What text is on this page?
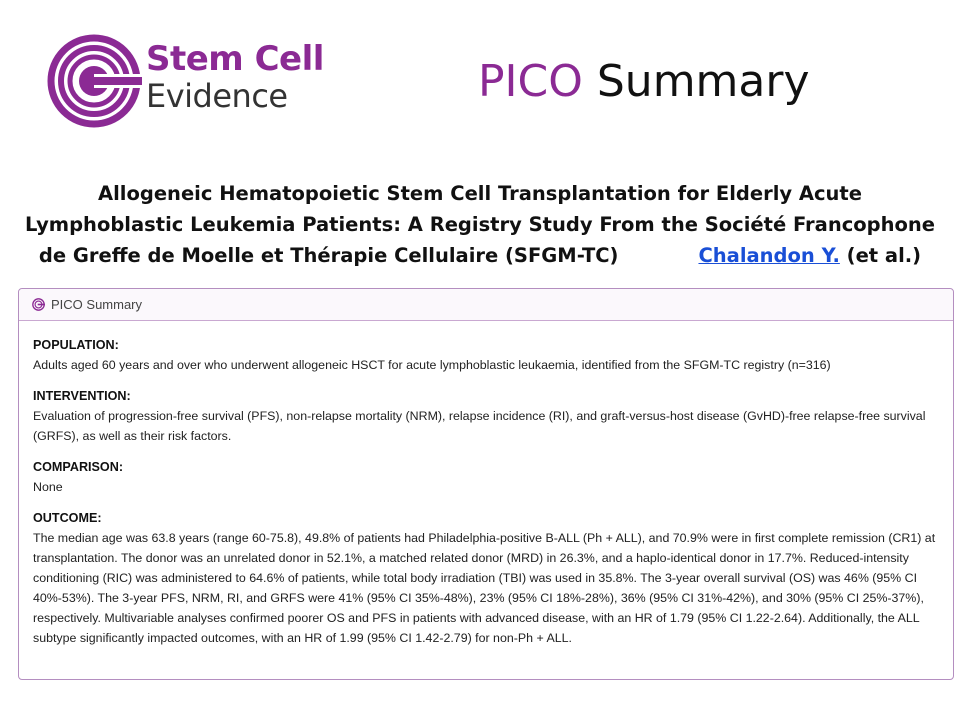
Stem Cell
Evidence	PICO Summary
Allogeneic Hematopoietic Stem Cell Transplantation for Elderly Acute Lymphoblastic Leukemia Patients: A Registry Study From the Société Francophone de Greffe de Moelle et Thérapie Cellulaire (SFGM-TC)	Chalandon Y. (et al.)
PICO Summary
POPULATION:
Adults aged 60 years and over who underwent allogeneic HSCT for acute lymphoblastic leukaemia, identified from the SFGM-TC registry (n=316)
INTERVENTION:
Evaluation of progression-free survival (PFS), non-relapse mortality (NRM), relapse incidence (RI), and graft-versus-host disease (GvHD)-free relapse-free survival (GRFS), as well as their risk factors.
COMPARISON:
None
OUTCOME:
The median age was 63.8 years (range 60-75.8), 49.8% of patients had Philadelphia-positive B-ALL (Ph + ALL), and 70.9% were in first complete remission (CR1) at transplantation. The donor was an unrelated donor in 52.1%, a matched related donor (MRD) in 26.3%, and a haplo-identical donor in 17.7%. Reduced-intensity conditioning (RIC) was administered to 64.6% of patients, while total body irradiation (TBI) was used in 35.8%. The 3-year overall survival (OS) was 46% (95% CI 40%-53%). The 3-year PFS, NRM, RI, and GRFS were 41% (95% CI 35%-48%), 23% (95% CI 18%-28%), 36% (95% CI 31%-42%), and 30% (95% CI 25%-37%), respectively. Multivariable analyses confirmed poorer OS and PFS in patients with advanced disease, with an HR of 1.79 (95% CI 1.22-2.64). Additionally, the ALL subtype significantly impacted outcomes, with an HR of 1.99 (95% CI 1.42-2.79) for non-Ph + ALL.
